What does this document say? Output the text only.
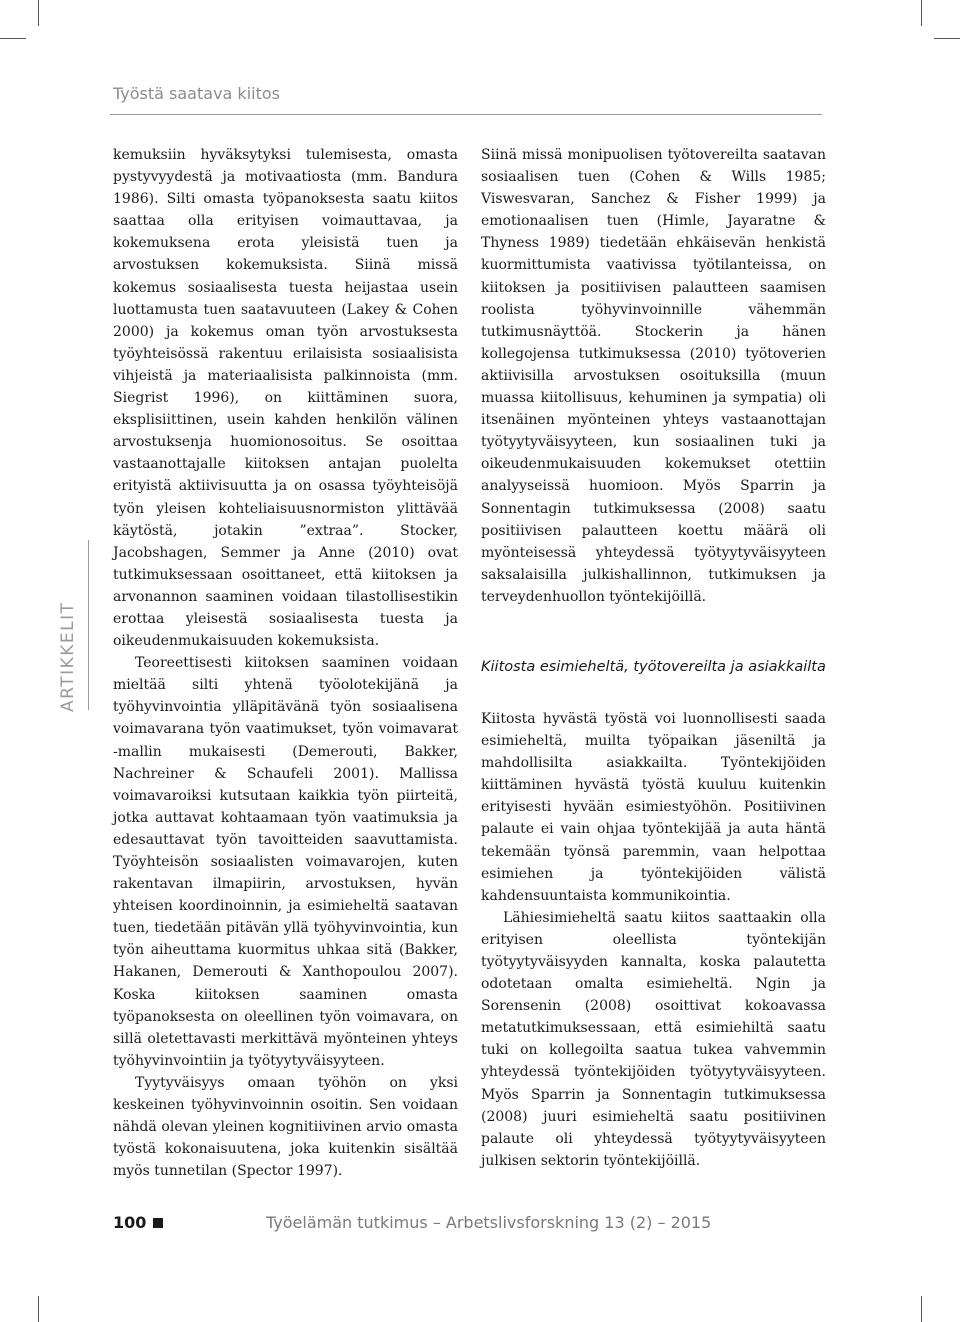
Työstä saatava kiitos
ARTIKKELIT

kemuksiin hyväksytyksi tulemisesta, omasta pystyvyydestä ja motivaatiosta (mm. Bandura 1986). Silti omasta työpanoksesta saatu kiitos saattaa olla erityisen voimauttavaa, ja kokemuksena erota yleisistä tuen ja arvostuksen kokemuksista. Siinä missä kokemus sosiaalisesta tuesta heijastaa usein luottamusta tuen saatavuuteen (Lakey & Cohen 2000) ja kokemus oman työn arvostuksesta työyhteisössä rakentuu erilaisista sosiaalisista vihjeistä ja materiaalisista palkinnoista (mm. Siegrist 1996), on kiittäminen suora, eksplisiittinen, usein kahden henkilön välinen arvostuksenja huomionosoitus. Se osoittaa vastaanottajalle kiitoksen antajan puolelta erityistä aktiivisuutta ja on osassa työyhteisöjä työn yleisen kohteliaisuusnormiston ylittävää käytöstä, jotakin ”extraa”. Stocker, Jacobshagen, Semmer ja Anne (2010) ovat tutkimuksessaan osoittaneet, että kiitoksen ja arvonannon saaminen voidaan tilastollisestikin erottaa yleisestä sosiaalisesta tuesta ja oikeudenmukaisuuden kokemuksista.

Teoreettisesti kiitoksen saaminen voidaan mieltää silti yhtenä työolotekijänä ja työhyvinvointia ylläpitävänä työn sosiaalisena voimavarana työn vaatimukset, työn voimavarat -mallin mukaisesti (Demerouti, Bakker, Nachreiner & Schaufeli 2001). Mallissa voimavaroiksi kutsutaan kaikkia työn piirteitä, jotka auttavat kohtaamaan työn vaatimuksia ja edesauttavat työn tavoitteiden saavuttamista. Työyhteisön sosiaalisten voimavarojen, kuten rakentavan ilmapiirin, arvostuksen, hyvän yhteisen koordinoinnin, ja esimieheltä saatavan tuen, tiedetään pitävän yllä työhyvinvointia, kun työn aiheuttama kuormitus uhkaa sitä (Bakker, Hakanen, Demerouti & Xanthopoulou 2007). Koska kiitoksen saaminen omasta työpanoksesta on oleellinen työn voimavara, on sillä oletettavasti merkittävä myönteinen yhteys työhyvinvointiin ja työtyytyväisyyteen.

Tyytyväisyys omaan työhön on yksi keskeinen työhyvinvoinnin osoitin. Sen voidaan nähdä olevan yleinen kognitiivinen arvio omasta työstä kokonaisuutena, joka kuitenkin sisältää myös tunnetilan (Spector 1997).

Siinä missä monipuolisen työtovereilta saatavan sosiaalisen tuen (Cohen & Wills 1985; Viswesvaran, Sanchez & Fisher 1999) ja emotionaalisen tuen (Himle, Jayaratne & Thyness 1989) tiedetään ehkäisevän henkistä kuormittumista vaativissa työtilanteissa, on kiitoksen ja positiivisen palautteen saamisen roolista työhyvinvoinnille vähemmän tutkimusnäyttöä. Stockerin ja hänen kollegojensa tutkimuksessa (2010) työtoverien aktiivisilla arvostuksen osoituksilla (muun muassa kiitollisuus, kehuminen ja sympatia) oli itsenäinen myönteinen yhteys vastaanottajan työtyytyväisyyteen, kun sosiaalinen tuki ja oikeudenmukaisuuden kokemukset otettiin analyyseissä huomioon. Myös Sparrin ja Sonnentagin tutkimuksessa (2008) saatu positiivisen palautteen koettu määrä oli myönteisessä yhteydessä työtyytyväisyyteen saksalaisilla julkishallinnon, tutkimuksen ja terveydenhuollon työntekijöillä.

Kiitosta esimieheltä, työtovereilta ja asiakkailta

Kiitosta hyvästä työstä voi luonnollisesti saada esimieheltä, muilta työpaikan jäseniltä ja mahdollisilta asiakkailta. Työntekijöiden kiittäminen hyvästä työstä kuuluu kuitenkin erityisesti hyvään esimiestyöhön. Positiivinen palaute ei vain ohjaa työntekijää ja auta häntä tekemään työnsä paremmin, vaan helpottaa esimiehen ja työntekijöiden välistä kahdensuuntaista kommunikointia.

Lähiesimieheltä saatu kiitos saattaakin olla erityisen oleellista työntekijän työtyytyväisyyden kannalta, koska palautetta odotetaan omalta esimieheltä. Ngin ja Sorensenin (2008) osoittivat kokoavassa metatutkimuksessaan, että esimiehiltä saatu tuki on kollegoilta saatua tukea vahvemmin yhteydessä työntekijöiden työtyytyväisyyteen. Myös Sparrin ja Sonnentagin tutkimuksessa (2008) juuri esimieheltä saatu positiivinen palaute oli yhteydessä työtyytyväisyyteen julkisen sektorin työntekijöillä.

100	Työelämän tutkimus – Arbetslivsforskning 13 (2) – 2015
